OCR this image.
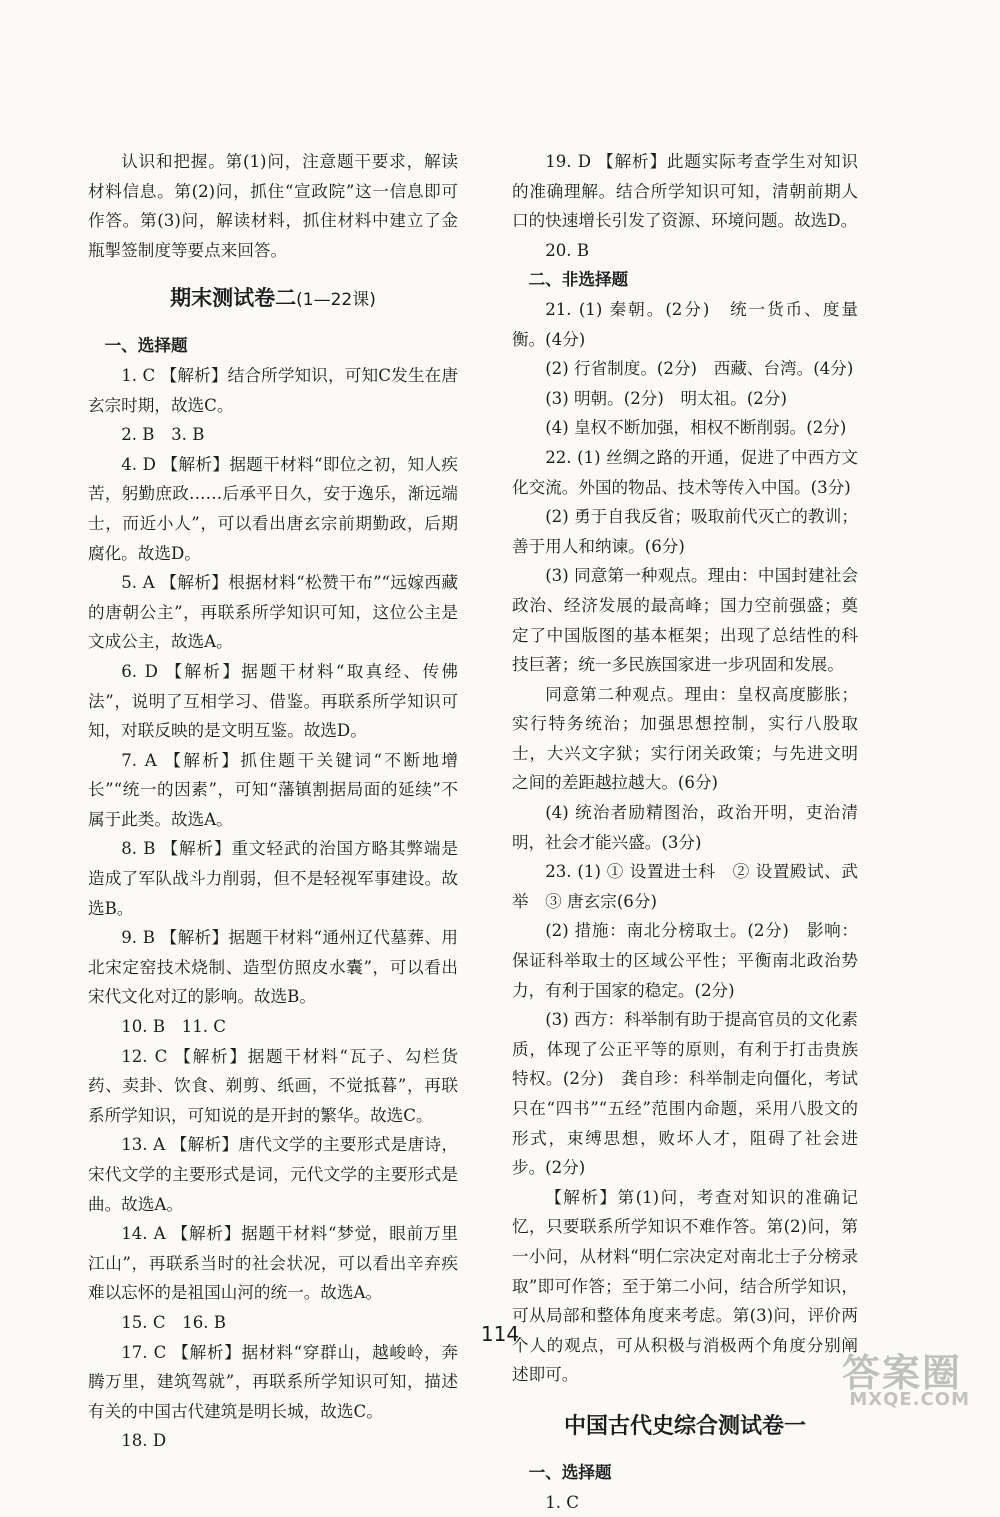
认识和把握。第(1)问，注意题干要求，解读材料信息。第(2)问，抓住“宣政院”这一信息即可作答。第(3)问，解读材料，抓住材料中建立了金瓶掣签制度等要点来回答。

期末测试卷二(1—22课)

一、选择题

1. C 【解析】结合所学知识，可知C发生在唐玄宗时期，故选C。

2. B　3. B

4. D 【解析】据题干材料“即位之初，知人疾苦，躬勤庶政……后承平日久，安于逸乐，渐远端士，而近小人”，可以看出唐玄宗前期勤政，后期腐化。故选D。

5. A 【解析】根据材料“松赞干布”“远嫁西藏的唐朝公主”，再联系所学知识可知，这位公主是文成公主，故选A。

6. D 【解析】据题干材料“取真经、传佛法”，说明了互相学习、借鉴。再联系所学知识可知，对联反映的是文明互鉴。故选D。

7. A 【解析】抓住题干关键词“不断地增长”“统一的因素”，可知“藩镇割据局面的延续”不属于此类。故选A。

8. B 【解析】重文轻武的治国方略其弊端是造成了军队战斗力削弱，但不是轻视军事建设。故选B。

9. B 【解析】据题干材料“通州辽代墓葬、用北宋定窑技术烧制、造型仿照皮水囊”，可以看出宋代文化对辽的影响。故选B。

10. B　11. C

12. C 【解析】据题干材料“瓦子、勾栏货药、卖卦、饮食、剃剪、纸画，不觉抵暮”，再联系所学知识，可知说的是开封的繁华。故选C。

13. A 【解析】唐代文学的主要形式是唐诗，宋代文学的主要形式是词，元代文学的主要形式是曲。故选A。

14. A 【解析】据题干材料“梦觉，眼前万里江山”，再联系当时的社会状况，可以看出辛弃疾难以忘怀的是祖国山河的统一。故选A。

15. C　16. B

17. C 【解析】据材料“穿群山，越峻岭，奔腾万里，建筑驾就”，再联系所学知识可知，描述有关的中国古代建筑是明长城，故选C。

18. D

19. D 【解析】此题实际考查学生对知识的准确理解。结合所学知识可知，清朝前期人口的快速增长引发了资源、环境问题。故选D。

20. B

二、非选择题

21. (1) 秦朝。(2分)　统一货币、度量衡。(4分)

(2) 行省制度。(2分)　西藏、台湾。(4分)

(3) 明朝。(2分)　明太祖。(2分)

(4) 皇权不断加强，相权不断削弱。(2分)

22. (1) 丝绸之路的开通，促进了中西方文化交流。外国的物品、技术等传入中国。(3分)

(2) 勇于自我反省；吸取前代灭亡的教训；善于用人和纳谏。(6分)

(3) 同意第一种观点。理由：中国封建社会政治、经济发展的最高峰；国力空前强盛；奠定了中国版图的基本框架；出现了总结性的科技巨著；统一多民族国家进一步巩固和发展。

同意第二种观点。理由：皇权高度膨胀；实行特务统治；加强思想控制，实行八股取士，大兴文字狱；实行闭关政策；与先进文明之间的差距越拉越大。(6分)

(4) 统治者励精图治，政治开明，吏治清明，社会才能兴盛。(3分)

23. (1) ① 设置进士科　② 设置殿试、武举　③ 唐玄宗(6分)

(2) 措施：南北分榜取士。(2分)　影响：保证科举取士的区域公平性；平衡南北政治势力，有利于国家的稳定。(2分)

(3) 西方：科举制有助于提高官员的文化素质，体现了公正平等的原则，有利于打击贵族特权。(2分)　龚自珍：科举制走向僵化，考试只在“四书”“五经”范围内命题，采用八股文的形式，束缚思想，败坏人才，阻碍了社会进步。(2分)

【解析】第(1)问，考查对知识的准确记忆，只要联系所学知识不难作答。第(2)问，第一小问，从材料“明仁宗决定对南北士子分榜录取”即可作答；至于第二小问，结合所学知识，可从局部和整体角度来考虑。第(3)问，评价两个人的观点，可从积极与消极两个角度分别阐述即可。

中国古代史综合测试卷一

一、选择题

1. C

114
答案圈
MXQE.COM
